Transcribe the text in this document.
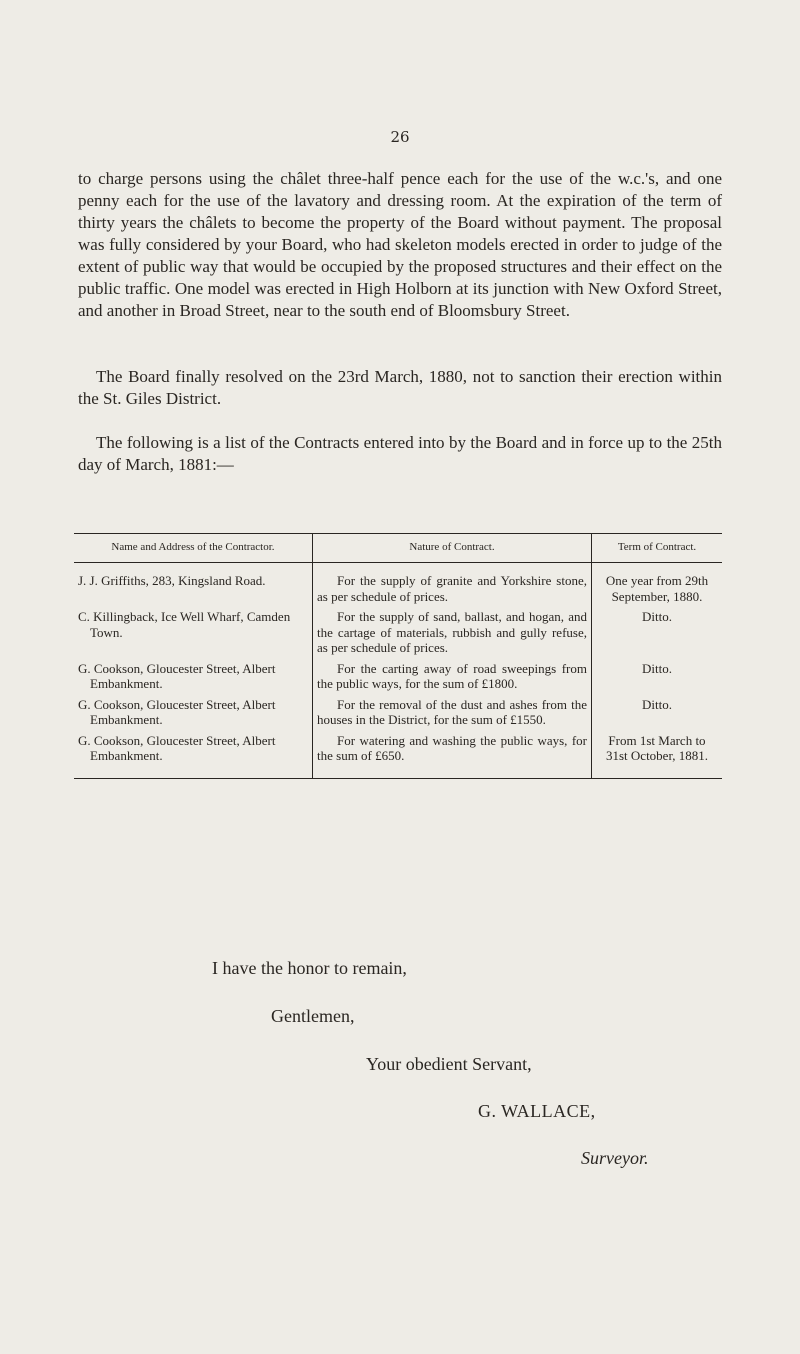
26

to charge persons using the châlet three-half pence each for the use of the w.c.'s, and one penny each for the use of the lavatory and dressing room. At the expiration of the term of thirty years the châlets to become the property of the Board without payment. The proposal was fully considered by your Board, who had skeleton models erected in order to judge of the extent of public way that would be occupied by the proposed structures and their effect on the public traffic. One model was erected in High Holborn at its junction with New Oxford Street, and another in Broad Street, near to the south end of Bloomsbury Street.

The Board finally resolved on the 23rd March, 1880, not to sanction their erection within the St. Giles District.

The following is a list of the Contracts entered into by the Board and in force up to the 25th day of March, 1881:—

Name and Address of the Contractor.	Nature of Contract.	Term of Contract.

J. J. Griffiths, 283, Kingsland Road.	For the supply of granite and Yorkshire stone, as per schedule of prices.	One year from 29th September, 1880.

C. Killingback, Ice Well Wharf, Camden Town.	For the supply of sand, ballast, and hogan, and the cartage of materials, rubbish and gully refuse, as per schedule of prices.	Ditto.

G. Cookson, Gloucester Street, Albert Embankment.	For the carting away of road sweepings from the public ways, for the sum of £1800.	Ditto.

G. Cookson, Gloucester Street, Albert Embankment.	For the removal of the dust and ashes from the houses in the District, for the sum of £1550.	Ditto.

G. Cookson, Gloucester Street, Albert Embankment.	For watering and washing the public ways, for the sum of £650.	From 1st March to 31st October, 1881.

I have the honor to remain,

Gentlemen,

Your obedient Servant,

G. WALLACE,

Surveyor.
